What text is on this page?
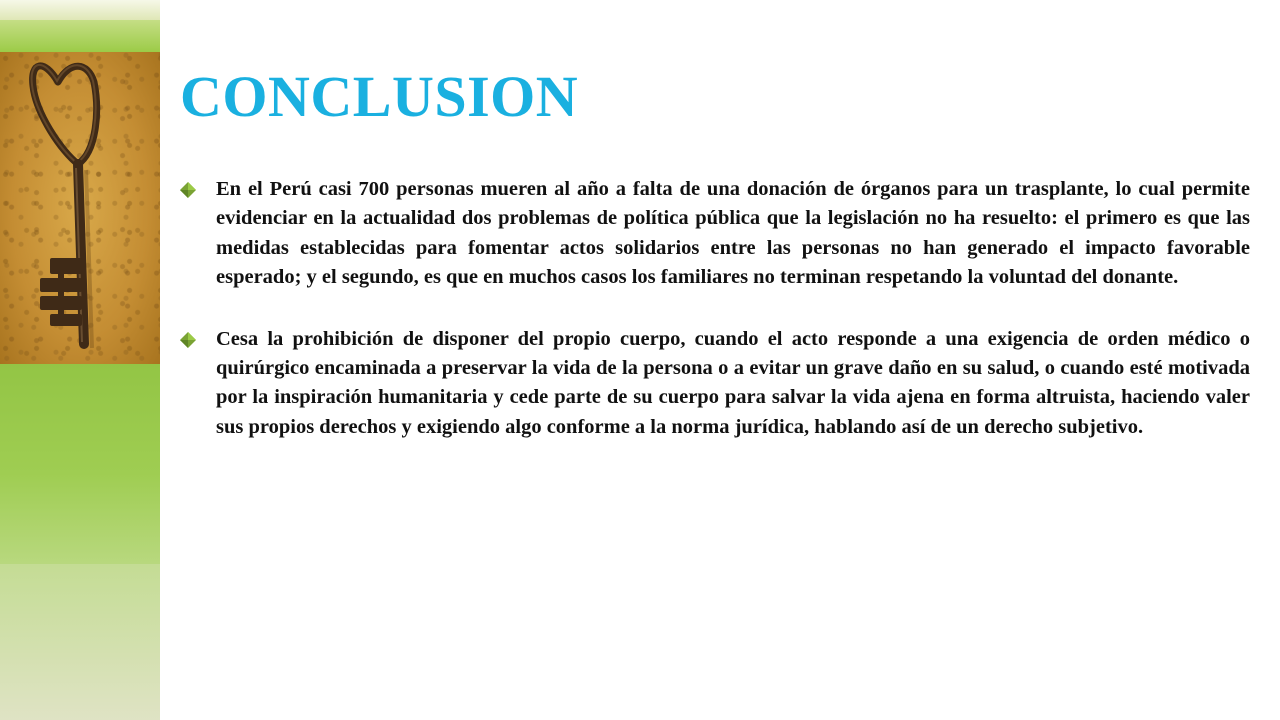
CONCLUSION

En el Perú casi 700 personas mueren al año a falta de una donación de órganos para un trasplante, lo cual permite evidenciar en la actualidad dos problemas de política pública que la legislación no ha resuelto: el primero es que las medidas establecidas para fomentar actos solidarios entre las personas no han generado el impacto favorable esperado; y el segundo, es que en muchos casos los familiares no terminan respetando la voluntad del donante.

Cesa la prohibición de disponer del propio cuerpo, cuando el acto responde a una exigencia de orden médico o quirúrgico encaminada a preservar la vida de la persona o a evitar un grave daño en su salud, o cuando esté motivada por la inspiración humanitaria y cede parte de su cuerpo para salvar la vida ajena en forma altruista, haciendo valer sus propios derechos y exigiendo algo conforme a la norma jurídica, hablando así de un derecho subjetivo.
